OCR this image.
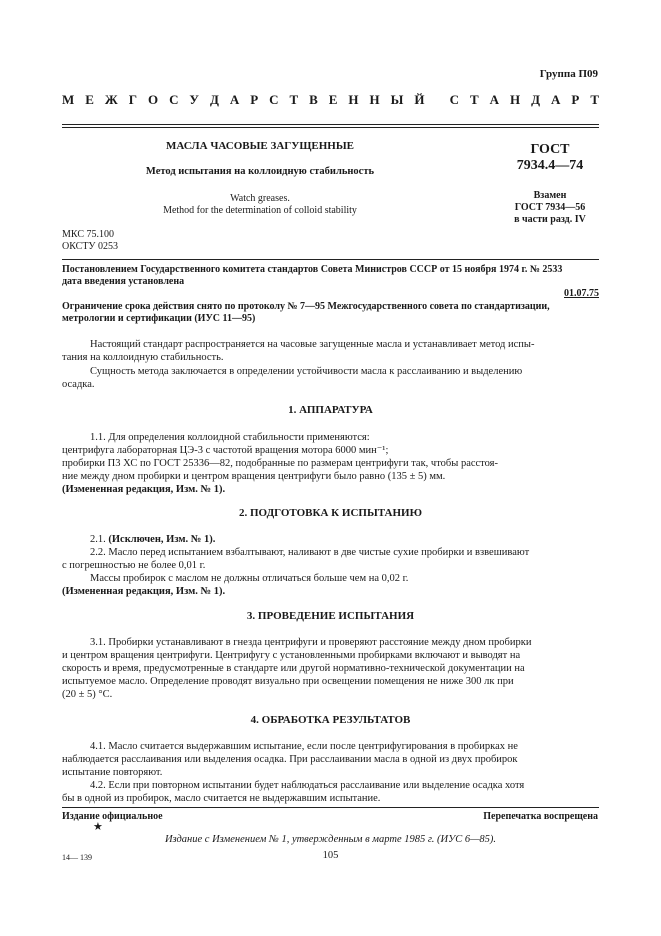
Группа П09
М Е Ж Г О С У Д А Р С Т В Е Н Н Ы Й
С Т А Н Д А Р Т
МАСЛА ЧАСОВЫЕ ЗАГУЩЕННЫЕ
Метод испытания на коллоидную стабильность
Watch greases.
Method for the determination of colloid stability
ГОСТ
7934.4—74
Взамен
ГОСТ 7934—56
в части разд. IV
МКС 75.100
ОКСТУ 0253
Постановлением Государственного комитета стандартов Совета Министров СССР от 15 ноября 1974 г. № 2533
дата введения установлена
01.07.75
Ограничение срока действия снято по протоколу № 7—95 Межгосударственного совета по стандартизации,
метрологии и сертификации (ИУС 11—95)
Настоящий стандарт распространяется на часовые загущенные масла и устанавливает метод испы-
тания на коллоидную стабильность.
Сущность метода заключается в определении устойчивости масла к расслаиванию и выделению
осадка.
1. АППАРАТУРА
1.1. Для определения коллоидной стабильности применяются:
центрифуга лабораторная ЦЭ-3 с частотой вращения мотора 6000 мин⁻¹;
пробирки П3 ХС по ГОСТ 25336—82, подобранные по размерам центрифуги так, чтобы расстоя-
ние между дном пробирки и центром вращения центрифуги было равно (135 ± 5) мм.
(Измененная редакция, Изм. № 1).
2. ПОДГОТОВКА К ИСПЫТАНИЮ
2.1. (Исключен, Изм. № 1).
2.2. Масло перед испытанием взбалтывают, наливают в две чистые сухие пробирки и взвешивают
с погрешностью не более 0,01 г.
Массы пробирок с маслом не должны отличаться больше чем на 0,02 г.
(Измененная редакция, Изм. № 1).
3. ПРОВЕДЕНИЕ ИСПЫТАНИЯ
3.1. Пробирки устанавливают в гнезда центрифуги и проверяют расстояние между дном пробирки
и центром вращения центрифуги. Центрифугу с установленными пробирками включают и выводят на
скорость и время, предусмотренные в стандарте или другой нормативно-технической документации на
испытуемое масло. Определение проводят визуально при освещении помещения не ниже 300 лк при
(20 ± 5) °С.
4. ОБРАБОТКА РЕЗУЛЬТАТОВ
4.1. Масло считается выдержавшим испытание, если после центрифугирования в пробирках не
наблюдается расслаивания или выделения осадка. При расслаивании масла в одной из двух пробирок
испытание повторяют.
4.2. Если при повторном испытании будет наблюдаться расслаивание или выделение осадка хотя
бы в одной из пробирок, масло считается не выдержавшим испытание.
Издание официальное	Перепечатка воспрещена
★
Издание с Изменением № 1, утвержденным в марте 1985 г. (ИУС 6—85).
14— 139	105
